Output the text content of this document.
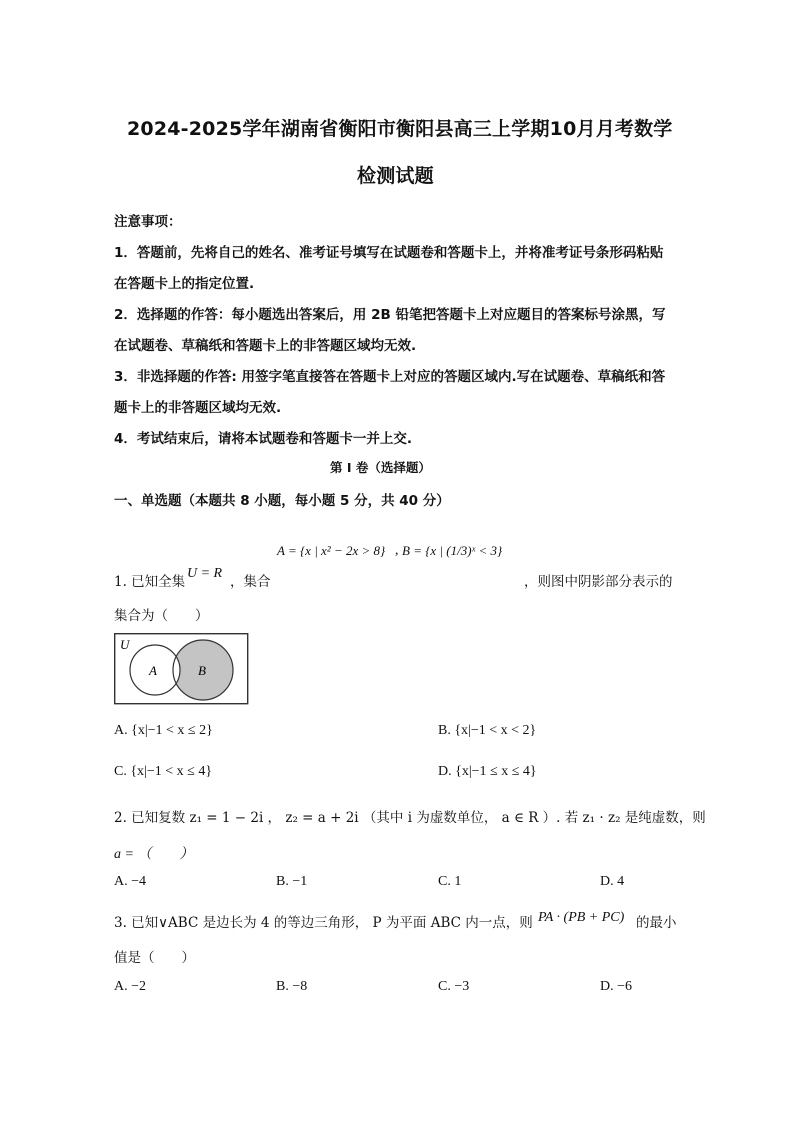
2024-2025学年湖南省衡阳市衡阳县高三上学期10月月考数学
检测试题
注意事项：
1．答题前，先将自己的姓名、准考证号填写在试题卷和答题卡上，并将准考证号条形码粘贴
在答题卡上的指定位置.
2．选择题的作答：每小题选出答案后，用 2B 铅笔把答题卡上对应题目的答案标号涂黑，写
在试题卷、草稿纸和答题卡上的非答题区域均无效.
3．非选择题的作答: 用签字笔直接答在答题卡上对应的答题区域内.写在试题卷、草稿纸和答
题卡上的非答题区域均无效.
4．考试结束后，请将本试题卷和答题卡一并上交.
第 I 卷（选择题）
一、单选题（本题共 8 小题，每小题 5 分，共 40 分）
1. 已知全集
U = R
，集合
A = {x | x² − 2x > 8} , B = {x | (1/3)ˣ < 3}
，则图中阴影部分表示的
集合为（　　）
U
A	B
A. {x|−1 < x ≤ 2}	B. {x|−1 < x < 2}
C. {x|−1 < x ≤ 4}	D. {x|−1 ≤ x ≤ 4}
2. 已知复数 z₁ = 1 − 2i ， z₂ = a + 2i （其中 i 为虚数单位， a ∈ R ）. 若 z₁ · z₂ 是纯虚数，则
a = （　　）
A. −4	B. −1	C. 1	D. 4
3. 已知∨ABC 是边长为 4 的等边三角形， P 为平面 ABC 内一点，则 PA · (PB + PC) 的最小
值是（　　）
A. −2	B. −8	C. −3	D. −6
